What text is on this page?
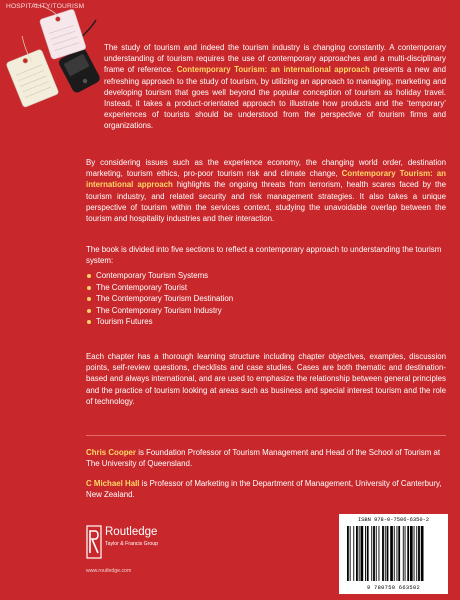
HOSPITALITY/TOURISM
The study of tourism and indeed the tourism industry is changing constantly. A contemporary understanding of tourism requires the use of contemporary approaches and a multi-disciplinary frame of reference. Contemporary Tourism: an international approach presents a new and refreshing approach to the study of tourism, by utilizing an approach to managing, marketing and developing tourism that goes well beyond the popular conception of tourism as holiday travel. Instead, it takes a product-orientated approach to illustrate how products and the ‘temporary’ experiences of tourists should be understood from the perspective of tourism firms and organizations.
By considering issues such as the experience economy, the changing world order, destination marketing, tourism ethics, pro-poor tourism risk and climate change, Contemporary Tourism: an international approach highlights the ongoing threats from terrorism, health scares faced by the tourism industry, and related security and risk management strategies. It also takes a unique perspective of tourism within the services context, studying the unavoidable overlap between the tourism and hospitality industries and their interaction.
The book is divided into five sections to reflect a contemporary approach to understanding the tourism system:
Contemporary Tourism Systems
The Contemporary Tourist
The Contemporary Tourism Destination
The Contemporary Tourism Industry
Tourism Futures
Each chapter has a thorough learning structure including chapter objectives, examples, discussion points, self-review questions, checklists and case studies. Cases are both thematic and destination-based and always international, and are used to emphasize the relationship between general principles and the practice of tourism looking at areas such as business and special interest tourism and the role of technology.
Chris Cooper is Foundation Professor of Tourism Management and Head of the School of Tourism at The University of Queensland.
C Michael Hall is Professor of Marketing in the Department of Management, University of Canterbury, New Zealand.
Routledge
Taylor & Francis Group
www.routledge.com
ISBN 978-0-7506-6350-2
9 780750 663502
